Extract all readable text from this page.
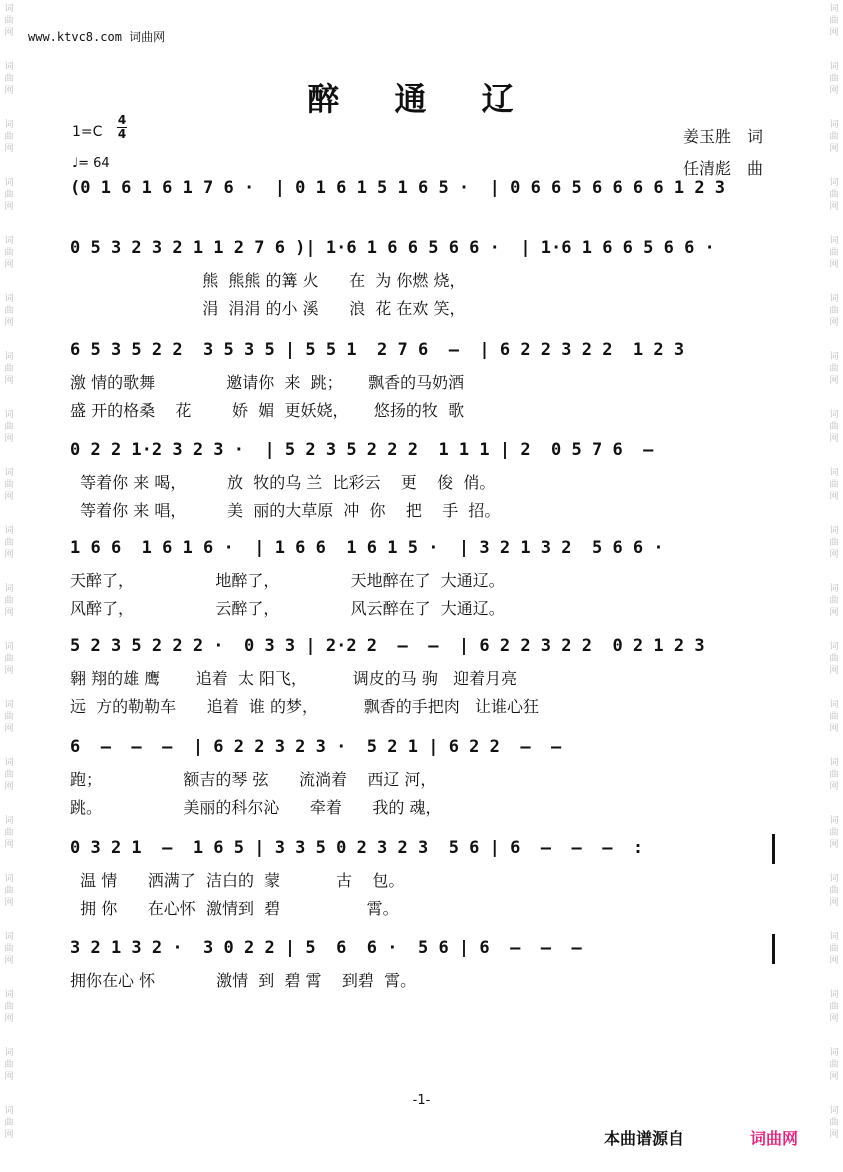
词
曲
网
词
曲
网
词
曲
网
词
曲
网
词
曲
网
词
曲
网
词
曲
网
词
曲
网
词
曲
网
词
曲
网
词
曲
网
词
曲
网
词
曲
网
词
曲
网
词
曲
网
词
曲
网
词
曲
网
词
曲
网
词
曲
网
词
曲
网
词
曲
网
词
曲
网
词
曲
网
词
曲
网
词
曲
网
词
曲
网
词
曲
网
词
曲
网
词
曲
网
词
曲
网
词
曲
网
词
曲
网
词
曲
网
词
曲
网
词
曲
网
词
曲
网
词
曲
网
词
曲
网
词
曲
网
词
曲
网
www.ktvc8.com 词曲网
醉 通 辽
1=C
4
4
♩= 64
姜玉胜　词
任清彪　曲
(0 1 6 1 6 1 7 6 ·  | 0 1 6 1 5 1 6 5 ·  | 0 6 6 5 6 6 6 6 1 2 3
0 5 3 2 3 2 1 1 2 7 6 )| 1·6 1 6 6 5 6 6 ·  | 1·6 1 6 6 5 6 6 ·
熊  熊熊 的篝 火      在  为 你燃 烧，
涓  涓涓 的小 溪      浪  花 在欢 笑，
6 5 3 5 2 2  3 5 3 5 | 5 5 1  2 7 6  –  | 6 2 2 3 2 2  1 2 3
激 情的歌舞              邀请你  来  跳；     飘香的马奶酒
盛 开的格桑    花        娇  媚  更妖娆，     悠扬的牧  歌
0 2 2 1·2 3 2 3 ·  | 5 2 3 5 2 2 2  1 1 1 | 2  0 5 7 6  –
等着你 来 喝，        放  牧的乌 兰  比彩云    更    俊  俏。
等着你 来 唱，        美  丽的大草原  冲  你    把    手  招。
1 6 6  1 6 1 6 ·  | 1 6 6  1 6 1 5 ·  | 3 2 1 3 2  5 6 6 ·
天醉了，                地醉了，              天地醉在了  大通辽。
风醉了，                云醉了，              风云醉在了  大通辽。
5 2 3 5 2 2 2 ·  0 3 3 | 2·2 2  –  –  | 6 2 2 3 2 2  0 2 1 2 3
翱 翔的雄 鹰       追着  太 阳飞，         调皮的马 驹   迎着月亮
远  方的勒勒车      追着  谁 的梦，         飘香的手把肉   让谁心狂
6  –  –  –  | 6 2 2 3 2 3 ·  5 2 1 | 6 2 2  –  –
跑；                额吉的琴 弦      流淌着    西辽 河，
跳。                美丽的科尔沁      牵着      我的 魂，
0 3 2 1  –  1 6 5 | 3 3 5 0 2 3 2 3  5 6 | 6  –  –  –  :
温 情      洒满了  洁白的  蒙           古    包。
拥 你      在心怀  激情到  碧                 霄。
3 2 1 3 2 ·  3 0 2 2 | 5  6  6 ·  5 6 | 6  –  –  –
拥你在心 怀            激情  到  碧 霄    到碧  霄。
-1-
本曲谱源自	词曲网
